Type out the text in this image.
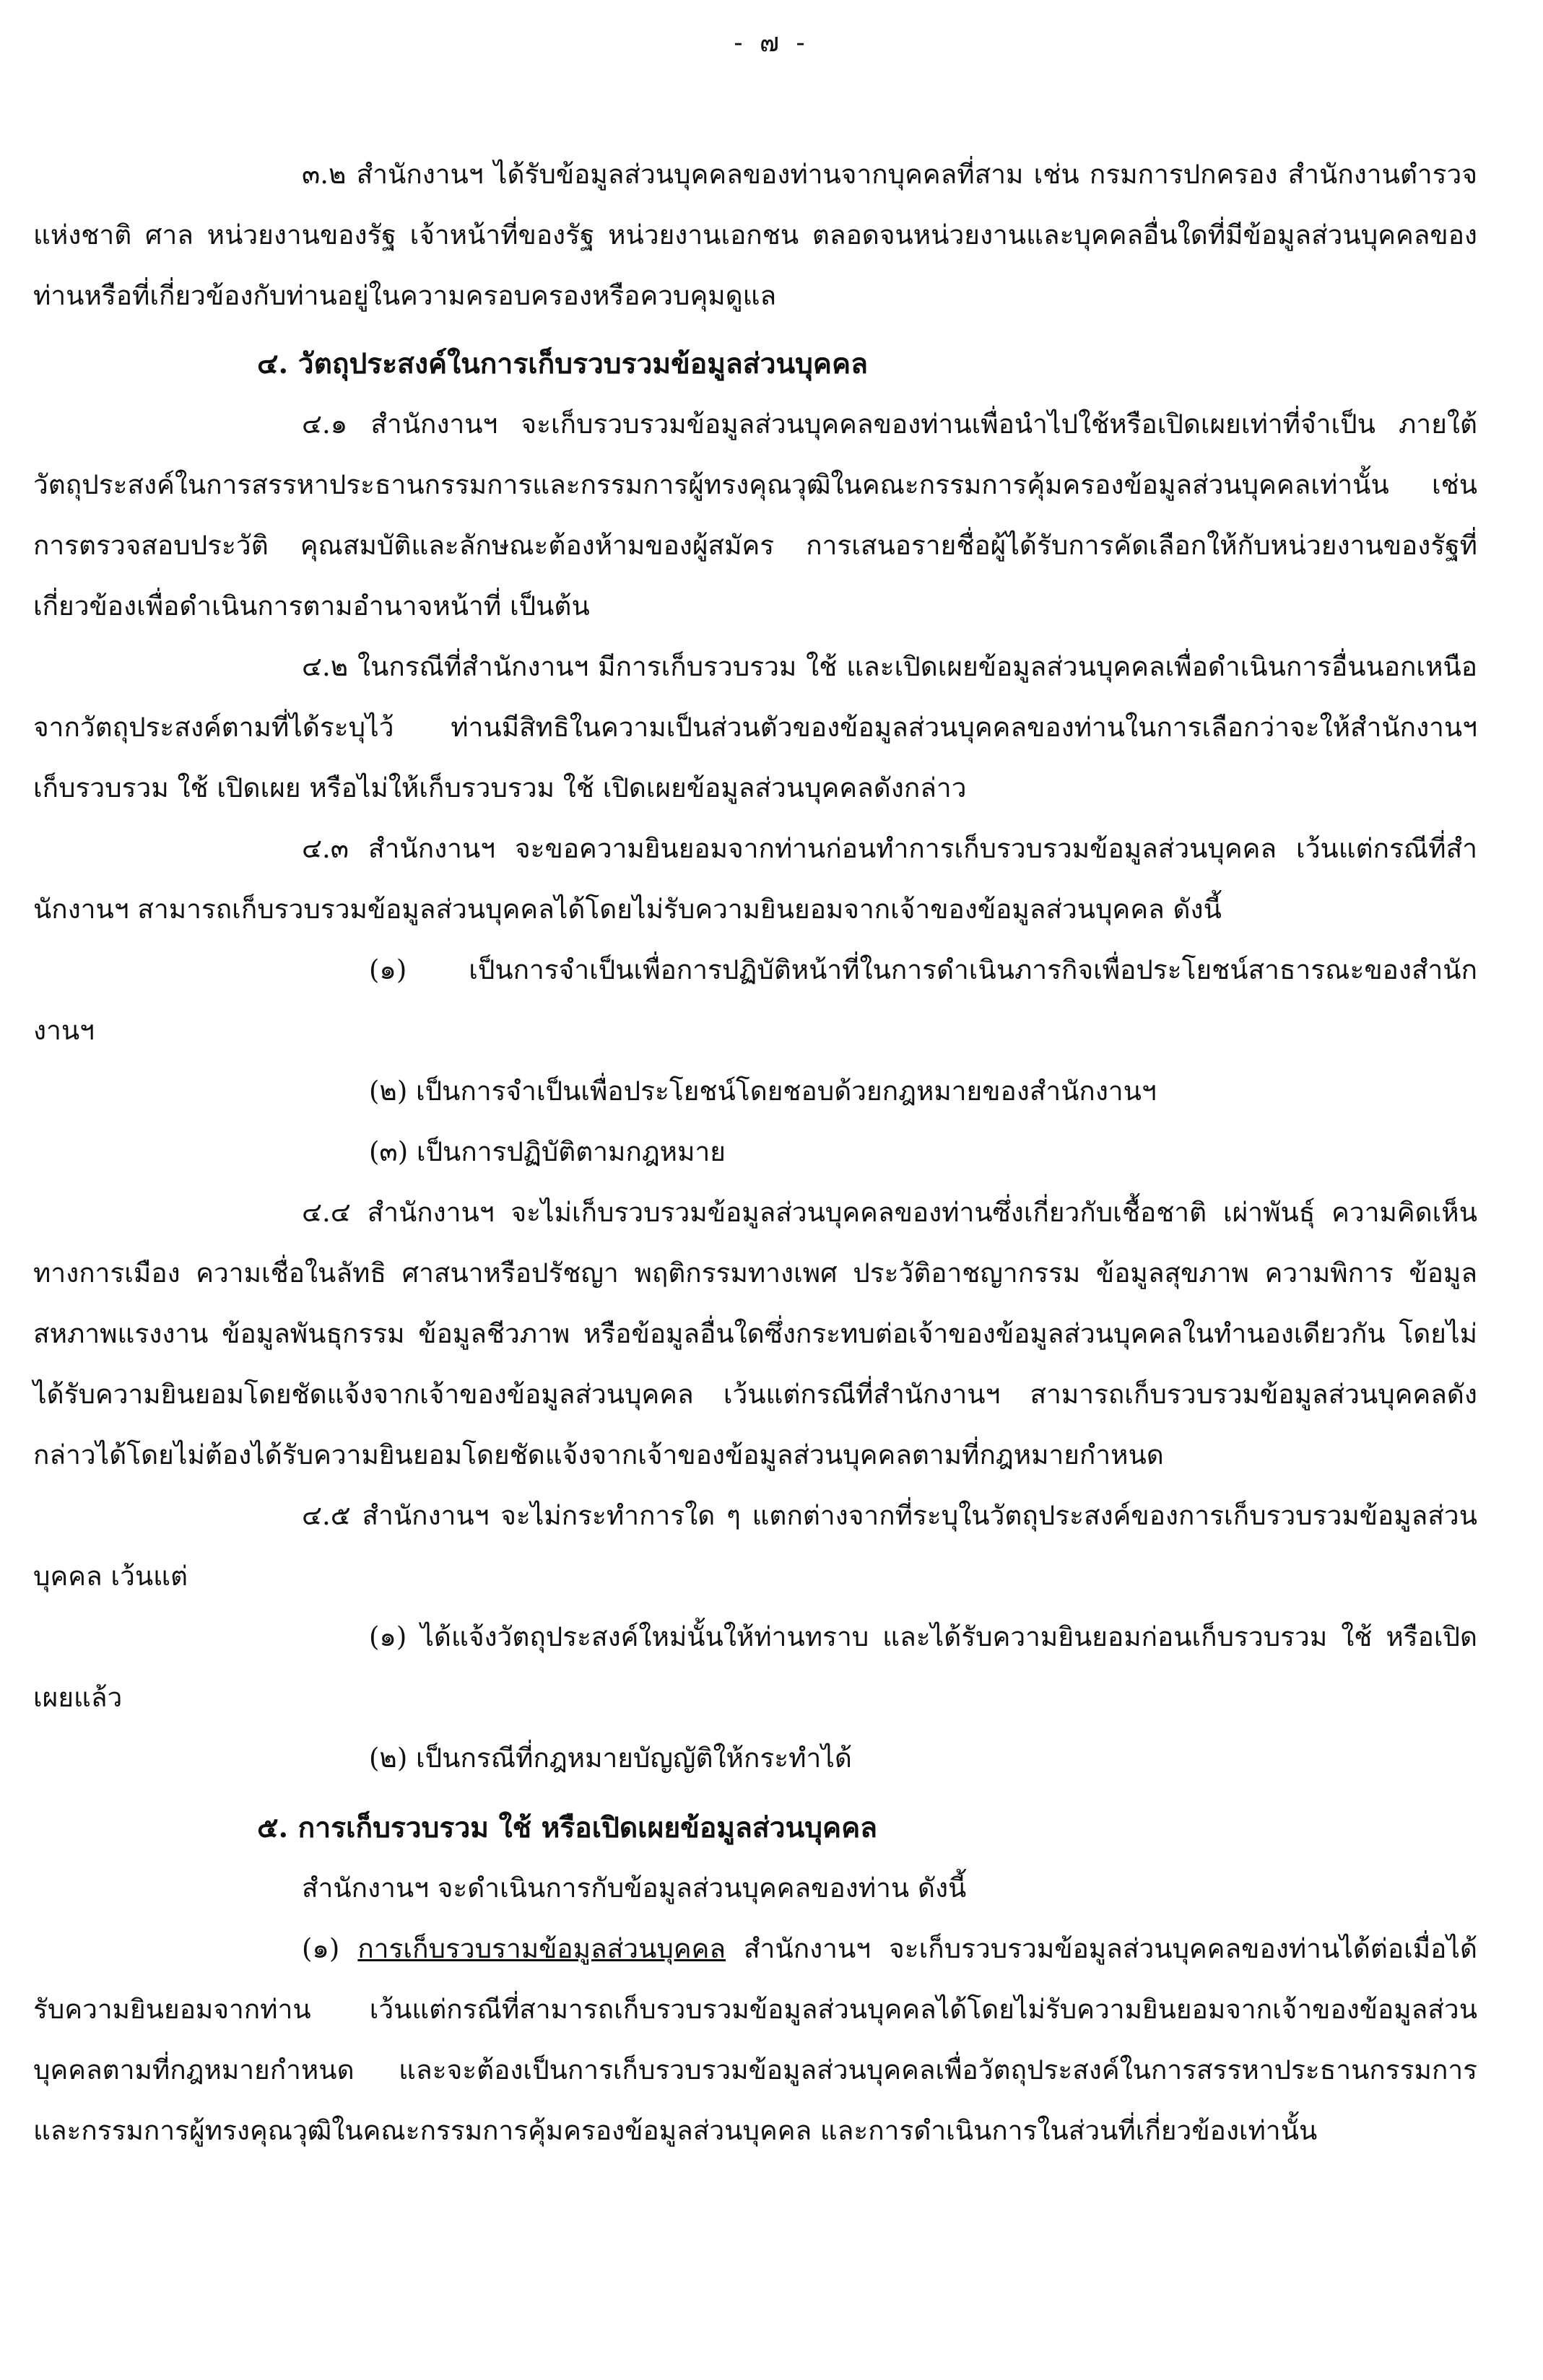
- ๗ -

๓.๒ สำนักงานฯ ได้รับข้อมูลส่วนบุคคลของท่านจากบุคคลที่สาม เช่น กรมการปกครอง สำนักงานตำรวจแห่งชาติ ศาล หน่วยงานของรัฐ เจ้าหน้าที่ของรัฐ หน่วยงานเอกชน ตลอดจนหน่วยงานและบุคคลอื่นใดที่มีข้อมูลส่วนบุคคลของท่านหรือที่เกี่ยวข้องกับท่านอยู่ในความครอบครองหรือควบคุมดูแล

๔. วัตถุประสงค์ในการเก็บรวบรวมข้อมูลส่วนบุคคล

๔.๑ สำนักงานฯ จะเก็บรวบรวมข้อมูลส่วนบุคคลของท่านเพื่อนำไปใช้หรือเปิดเผยเท่าที่จำเป็น ภายใต้วัตถุประสงค์ในการสรรหาประธานกรรมการและกรรมการผู้ทรงคุณวุฒิในคณะกรรมการคุ้มครองข้อมูลส่วนบุคคลเท่านั้น เช่น การตรวจสอบประวัติ คุณสมบัติและลักษณะต้องห้ามของผู้สมัคร การเสนอรายชื่อผู้ได้รับการคัดเลือกให้กับหน่วยงานของรัฐที่เกี่ยวข้องเพื่อดำเนินการตามอำนาจหน้าที่ เป็นต้น

๔.๒ ในกรณีที่สำนักงานฯ มีการเก็บรวบรวม ใช้ และเปิดเผยข้อมูลส่วนบุคคลเพื่อดำเนินการอื่นนอกเหนือจากวัตถุประสงค์ตามที่ได้ระบุไว้ ท่านมีสิทธิในความเป็นส่วนตัวของข้อมูลส่วนบุคคลของท่านในการเลือกว่าจะให้สำนักงานฯ เก็บรวบรวม ใช้ เปิดเผย หรือไม่ให้เก็บรวบรวม ใช้ เปิดเผยข้อมูลส่วนบุคคลดังกล่าว

๔.๓ สำนักงานฯ จะขอความยินยอมจากท่านก่อนทำการเก็บรวบรวมข้อมูลส่วนบุคคล เว้นแต่กรณีที่สำนักงานฯ สามารถเก็บรวบรวมข้อมูลส่วนบุคคลได้โดยไม่รับความยินยอมจากเจ้าของข้อมูลส่วนบุคคล ดังนี้

(๑) เป็นการจำเป็นเพื่อการปฏิบัติหน้าที่ในการดำเนินภารกิจเพื่อประโยชน์สาธารณะของสำนักงานฯ

(๒) เป็นการจำเป็นเพื่อประโยชน์โดยชอบด้วยกฎหมายของสำนักงานฯ

(๓) เป็นการปฏิบัติตามกฎหมาย

๔.๔ สำนักงานฯ จะไม่เก็บรวบรวมข้อมูลส่วนบุคคลของท่านซึ่งเกี่ยวกับเชื้อชาติ เผ่าพันธุ์ ความคิดเห็นทางการเมือง ความเชื่อในลัทธิ ศาสนาหรือปรัชญา พฤติกรรมทางเพศ ประวัติอาชญากรรม ข้อมูลสุขภาพ ความพิการ ข้อมูลสหภาพแรงงาน ข้อมูลพันธุกรรม ข้อมูลชีวภาพ หรือข้อมูลอื่นใดซึ่งกระทบต่อเจ้าของข้อมูลส่วนบุคคลในทำนองเดียวกัน โดยไม่ได้รับความยินยอมโดยชัดแจ้งจากเจ้าของข้อมูลส่วนบุคคล เว้นแต่กรณีที่สำนักงานฯ สามารถเก็บรวบรวมข้อมูลส่วนบุคคลดังกล่าวได้โดยไม่ต้องได้รับความยินยอมโดยชัดแจ้งจากเจ้าของข้อมูลส่วนบุคคลตามที่กฎหมายกำหนด

๔.๕ สำนักงานฯ จะไม่กระทำการใด ๆ แตกต่างจากที่ระบุในวัตถุประสงค์ของการเก็บรวบรวมข้อมูลส่วนบุคคล เว้นแต่

(๑) ได้แจ้งวัตถุประสงค์ใหม่นั้นให้ท่านทราบ และได้รับความยินยอมก่อนเก็บรวบรวม ใช้ หรือเปิดเผยแล้ว

(๒) เป็นกรณีที่กฎหมายบัญญัติให้กระทำได้

๕. การเก็บรวบรวม ใช้ หรือเปิดเผยข้อมูลส่วนบุคคล

สำนักงานฯ จะดำเนินการกับข้อมูลส่วนบุคคลของท่าน ดังนี้

(๑) การเก็บรวบรามข้อมูลส่วนบุคคล สำนักงานฯ จะเก็บรวบรวมข้อมูลส่วนบุคคลของท่านได้ต่อเมื่อได้รับความยินยอมจากท่าน เว้นแต่กรณีที่สามารถเก็บรวบรวมข้อมูลส่วนบุคคลได้โดยไม่รับความยินยอมจากเจ้าของข้อมูลส่วนบุคคลตามที่กฎหมายกำหนด และจะต้องเป็นการเก็บรวบรวมข้อมูลส่วนบุคคลเพื่อวัตถุประสงค์ในการสรรหาประธานกรรมการและกรรมการผู้ทรงคุณวุฒิในคณะกรรมการคุ้มครองข้อมูลส่วนบุคคล และการดำเนินการในส่วนที่เกี่ยวข้องเท่านั้น
